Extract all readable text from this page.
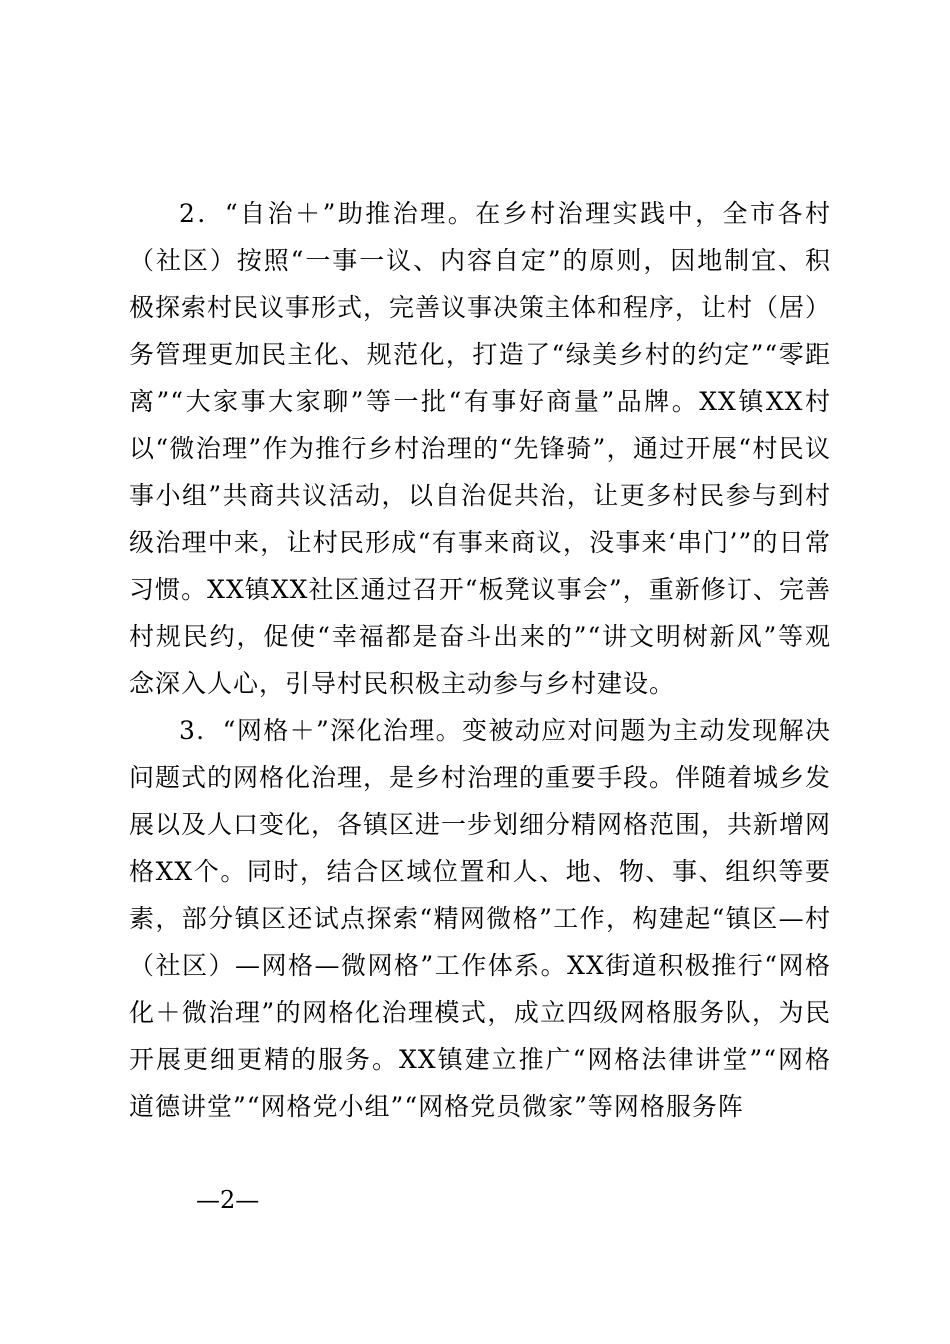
2．“自治＋”助推治理。在乡村治理实践中，全市各村（社区）按照“一事一议、内容自定”的原则，因地制宜、积极探索村民议事形式，完善议事决策主体和程序，让村（居）务管理更加民主化、规范化，打造了“绿美乡村的约定”“零距离”“大家事大家聊”等一批“有事好商量”品牌。XX镇XX村以“微治理”作为推行乡村治理的“先锋骑”，通过开展“村民议事小组”共商共议活动，以自治促共治，让更多村民参与到村级治理中来，让村民形成“有事来商议，没事来‘串门’”的日常习惯。XX镇XX社区通过召开“板凳议事会”，重新修订、完善村规民约，促使“幸福都是奋斗出来的”“讲文明树新风”等观念深入人心，引导村民积极主动参与乡村建设。

3．“网格＋”深化治理。变被动应对问题为主动发现解决问题式的网格化治理，是乡村治理的重要手段。伴随着城乡发展以及人口变化，各镇区进一步划细分精网格范围，共新增网格XX个。同时，结合区域位置和人、地、物、事、组织等要素，部分镇区还试点探索“精网微格”工作，构建起“镇区—村（社区）—网格—微网格”工作体系。XX街道积极推行“网格化＋微治理”的网格化治理模式，成立四级网格服务队，为民开展更细更精的服务。XX镇建立推广“网格法律讲堂”“网格道德讲堂”“网格党小组”“网格党员微家”等网格服务阵

—2—
